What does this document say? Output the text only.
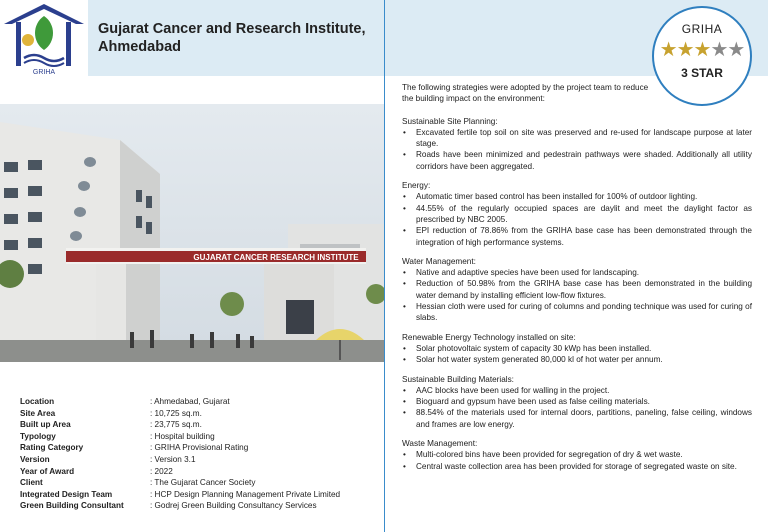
GRIHA
Gujarat Cancer and Research Institute, Ahmedabad
GRIHA
★★★★★
3 STAR
GUJARAT CANCER RESEARCH INSTITUTE
Location	: Ahmedabad, Gujarat
Site Area	: 10,725 sq.m.
Built up Area	: 23,775 sq.m.
Typology	: Hospital building
Rating Category	: GRIHA Provisional Rating
Version	: Version 3.1
Year of Award	: 2022
Client	: The Gujarat Cancer Society
Integrated Design Team	: HCP Design Planning Management Private Limited
Green Building Consultant	: Godrej Green Building Consultancy Services
The following strategies were adopted by the project team to reduce the building impact on the environment:
Sustainable Site Planning:
• Excavated fertile top soil on site was preserved and re-used for landscape purpose at later stage.
• Roads have been minimized and pedestrain pathways were shaded. Additionally all utility corridors have been aggregated.
Energy:
• Automatic timer based control has been installed for 100% of outdoor lighting.
• 44.55% of the regularly occupied spaces are daylit and meet the daylight factor as prescribed by NBC 2005.
• EPI reduction of 78.86% from the GRIHA base case has been demonstrated through the integration of high performance systems.
Water Management:
• Native and adaptive species have been used for landscaping.
• Reduction of 50.98% from the GRIHA base case has been demonstrated in the building water demand by installing efficient low-flow fixtures.
• Hessian cloth were used for curing of columns and ponding technique was used for curing of slabs.
Renewable Energy Technology installed on site:
• Solar photovoltaic system of capacity 30 kWp has been installed.
• Solar hot water system generated 80,000 kl of hot water per annum.
Sustainable Building Materials:
• AAC blocks have been used for walling in the project.
• Bioguard and gypsum have been used as false ceiling materials.
• 88.54% of the materials used for internal doors, partitions, paneling, false ceiling, windows and frames are low energy.
Waste Management:
• Multi-colored bins have been provided for segregation of dry & wet waste.
• Central waste collection area has been provided for storage of segregated waste on site.
